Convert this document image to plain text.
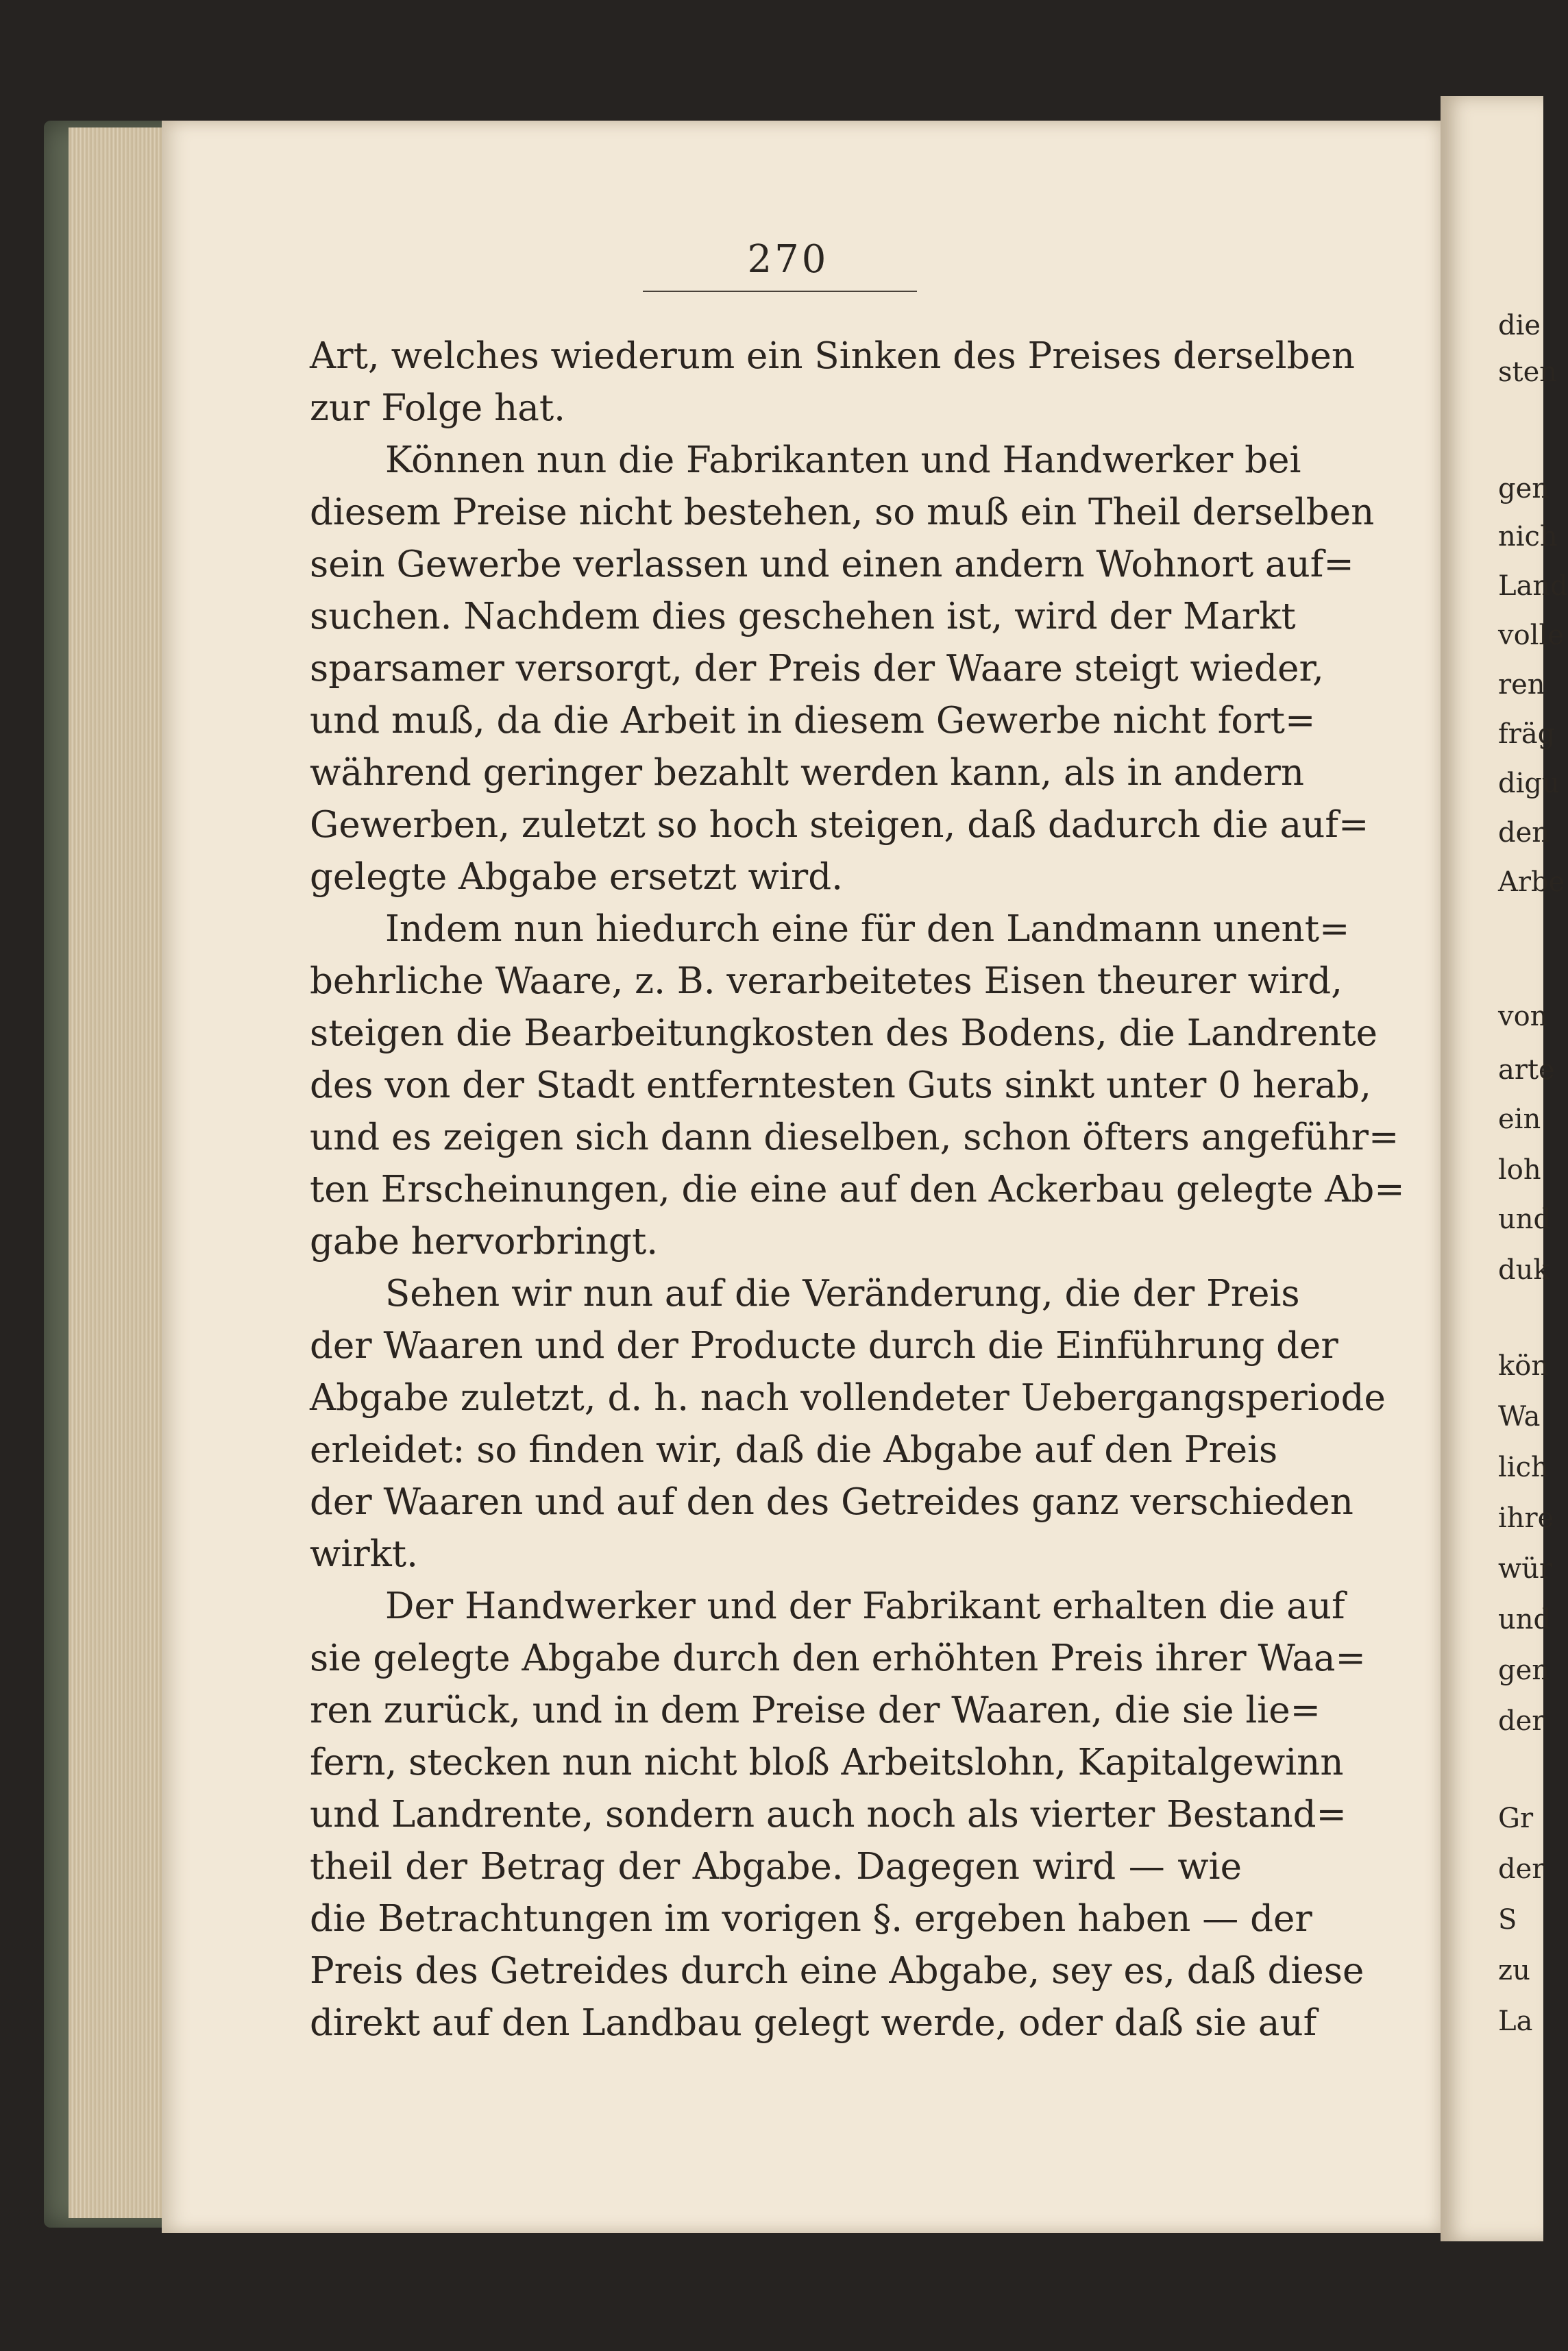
die
sten
gen
nich
Land
volle
ren
fräg
digu
den
Arbe
von
arte
ein
loh
und
duk
kön
Wa
lich
ihre
wür
und
gen
der
Gr
der
S
zu
La
270
Art, welches wiederum ein Sinken des Preises derselben
zur Folge hat.
Können nun die Fabrikanten und Handwerker bei
diesem Preise nicht bestehen, so muß ein Theil derselben
sein Gewerbe verlassen und einen andern Wohnort auf=
suchen. Nachdem dies geschehen ist, wird der Markt
sparsamer versorgt, der Preis der Waare steigt wieder,
und muß, da die Arbeit in diesem Gewerbe nicht fort=
während geringer bezahlt werden kann, als in andern
Gewerben, zuletzt so hoch steigen, daß dadurch die auf=
gelegte Abgabe ersetzt wird.
Indem nun hiedurch eine für den Landmann unent=
behrliche Waare, z. B. verarbeitetes Eisen theurer wird,
steigen die Bearbeitungkosten des Bodens, die Landrente
des von der Stadt entferntesten Guts sinkt unter 0 herab,
und es zeigen sich dann dieselben, schon öfters angeführ=
ten Erscheinungen, die eine auf den Ackerbau gelegte Ab=
gabe hervorbringt.
Sehen wir nun auf die Veränderung, die der Preis
der Waaren und der Producte durch die Einführung der
Abgabe zuletzt, d. h. nach vollendeter Uebergangsperiode
erleidet: so finden wir, daß die Abgabe auf den Preis
der Waaren und auf den des Getreides ganz verschieden
wirkt.
Der Handwerker und der Fabrikant erhalten die auf
sie gelegte Abgabe durch den erhöhten Preis ihrer Waa=
ren zurück, und in dem Preise der Waaren, die sie lie=
fern, stecken nun nicht bloß Arbeitslohn, Kapitalgewinn
und Landrente, sondern auch noch als vierter Bestand=
theil der Betrag der Abgabe. Dagegen wird — wie
die Betrachtungen im vorigen §. ergeben haben — der
Preis des Getreides durch eine Abgabe, sey es, daß diese
direkt auf den Landbau gelegt werde, oder daß sie auf
